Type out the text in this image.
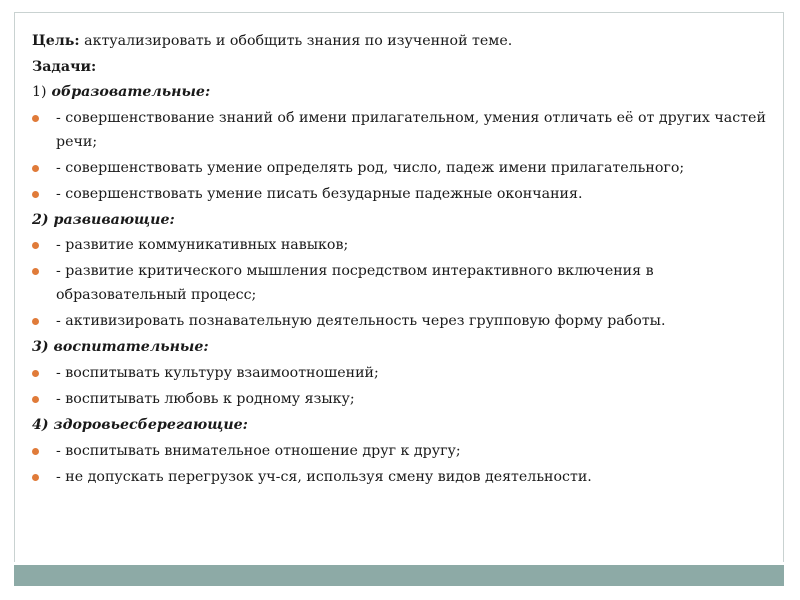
Цель: актуализировать и обобщить знания по изученной теме.

Задачи:

1) образовательные:

- совершенствование знаний об имени прилагательном, умения отличать её от других частей речи;
- совершенствовать умение определять род, число, падеж имени прилагательного;
- совершенствовать умение писать безударные падежные окончания.

2) развивающие:

- развитие коммуникативных навыков;
- развитие критического мышления посредством интерактивного включения в образовательный процесс;
- активизировать познавательную деятельность через групповую форму работы.

3) воспитательные:

- воспитывать культуру взаимоотношений;
- воспитывать любовь к родному языку;

4) здоровьесберегающие:

- воспитывать внимательное отношение друг к другу;
- не допускать перегрузок уч-ся, используя смену видов деятельности.
